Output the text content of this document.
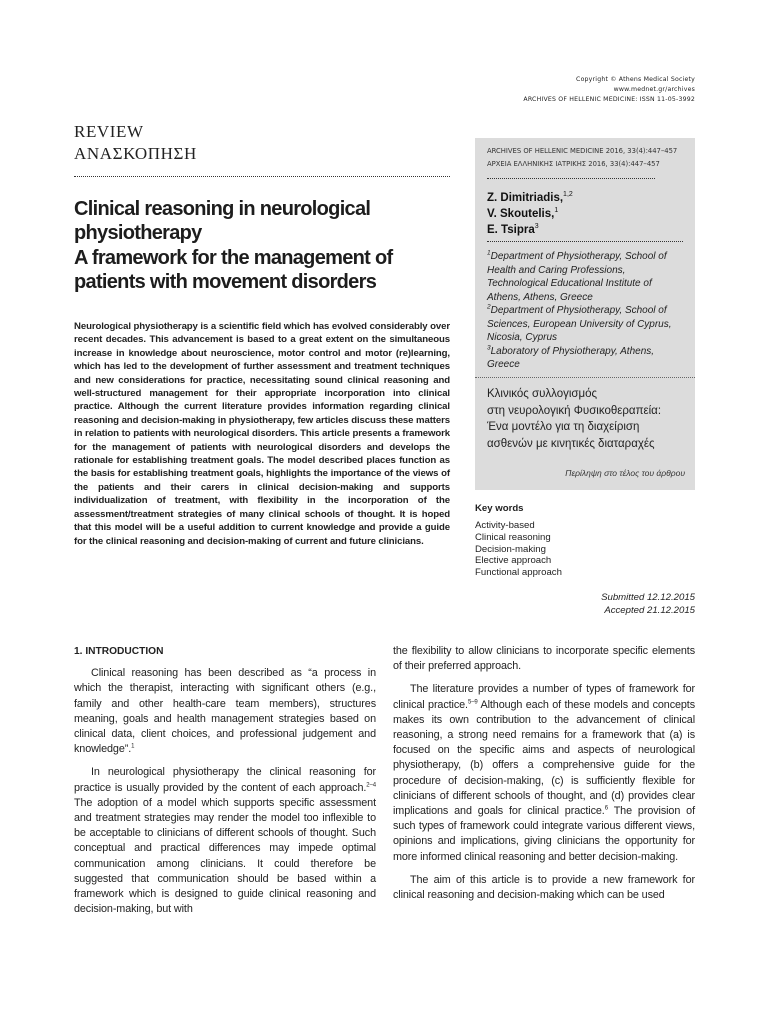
Copyright © Athens Medical Society
www.mednet.gr/archives
ARCHIVES OF HELLENIC MEDICINE: ISSN 11-05-3992
REVIEW
ΑΝΑΣΚΟΠΗΣΗ
Clinical reasoning in neurological physiotherapy
A framework for the management of patients with movement disorders
Neurological physiotherapy is a scientific field which has evolved considerably over recent decades. This advancement is based to a great extent on the simultaneous increase in knowledge about neuroscience, motor control and motor (re)learning, which has led to the development of further assessment and treatment techniques and new considerations for practice, necessitating sound clinical reasoning and well-structured management for their appropriate incorporation into clinical practice. Although the current literature provides information regarding clinical reasoning and decision-making in physiotherapy, few articles discuss these matters in relation to patients with neurological disorders. This article presents a framework for the management of patients with neurological disorders and develops the rationale for establishing treatment goals. The model described places function as the basis for establishing treatment goals, highlights the importance of the views of the patients and their carers in clinical decision-making and supports individualization of treatment, with flexibility in the incorporation of the assessment/treatment strategies of many clinical schools of thought. It is hoped that this model will be a useful addition to current knowledge and provide a guide for the clinical reasoning and decision-making of current and future clinicians.
ARCHIVES OF HELLENIC MEDICINE 2016, 33(4):447–457
ΑΡΧΕΙΑ ΕΛΛΗΝΙΚΗΣ ΙΑΤΡΙΚΗΣ 2016, 33(4):447–457
Z. Dimitriadis,$^{1,2}$
V. Skoutelis,$^1$
E. Tsipra$^3$
$^1$Department of Physiotherapy, School of Health and Caring Professions, Technological Educational Institute of Athens, Athens, Greece
$^2$Department of Physiotherapy, School of Sciences, European University of Cyprus, Nicosia, Cyprus
$^3$Laboratory of Physiotherapy, Athens, Greece
Κλινικός συλλογισμός
στη νευρολογική Φυσικοθεραπεία:
Ένα μοντέλο για τη διαχείριση
ασθενών με κινητικές διαταραχές
Περίληψη στο τέλος του άρθρου
Key words
Activity-based
Clinical reasoning
Decision-making
Elective approach
Functional approach
Submitted 12.12.2015
Accepted 21.12.2015

1. INTRODUCTION

Clinical reasoning has been described as “a process in which the therapist, interacting with significant others (e.g., family and other health-care team members), structures meaning, goals and health management strategies based on clinical data, client choices, and professional judgement and knowledge”.$^1$

In neurological physiotherapy the clinical reasoning for practice is usually provided by the content of each approach.$^{2-4}$ The adoption of a model which supports specific assessment and treatment strategies may render the model too inflexible to be acceptable to clinicians of different schools of thought. Such conceptual and practical differences may impede optimal communication among clinicians. It could therefore be suggested that communication should be based within a framework which is designed to guide clinical reasoning and decision-making, but with

the flexibility to allow clinicians to incorporate specific elements of their preferred approach.

The literature provides a number of types of framework for clinical practice.$^{5-9}$ Although each of these models and concepts makes its own contribution to the advancement of clinical reasoning, a strong need remains for a framework that (a) is focused on the specific aims and aspects of neurological physiotherapy, (b) offers a comprehensive guide for the procedure of decision-making, (c) is sufficiently flexible for clinicians of different schools of thought, and (d) provides clear implications and goals for clinical practice.$^6$ The provision of such types of framework could integrate various different views, opinions and implications, giving clinicians the opportunity for more informed clinical reasoning and better decision-making.

The aim of this article is to provide a new framework for clinical reasoning and decision-making which can be used
